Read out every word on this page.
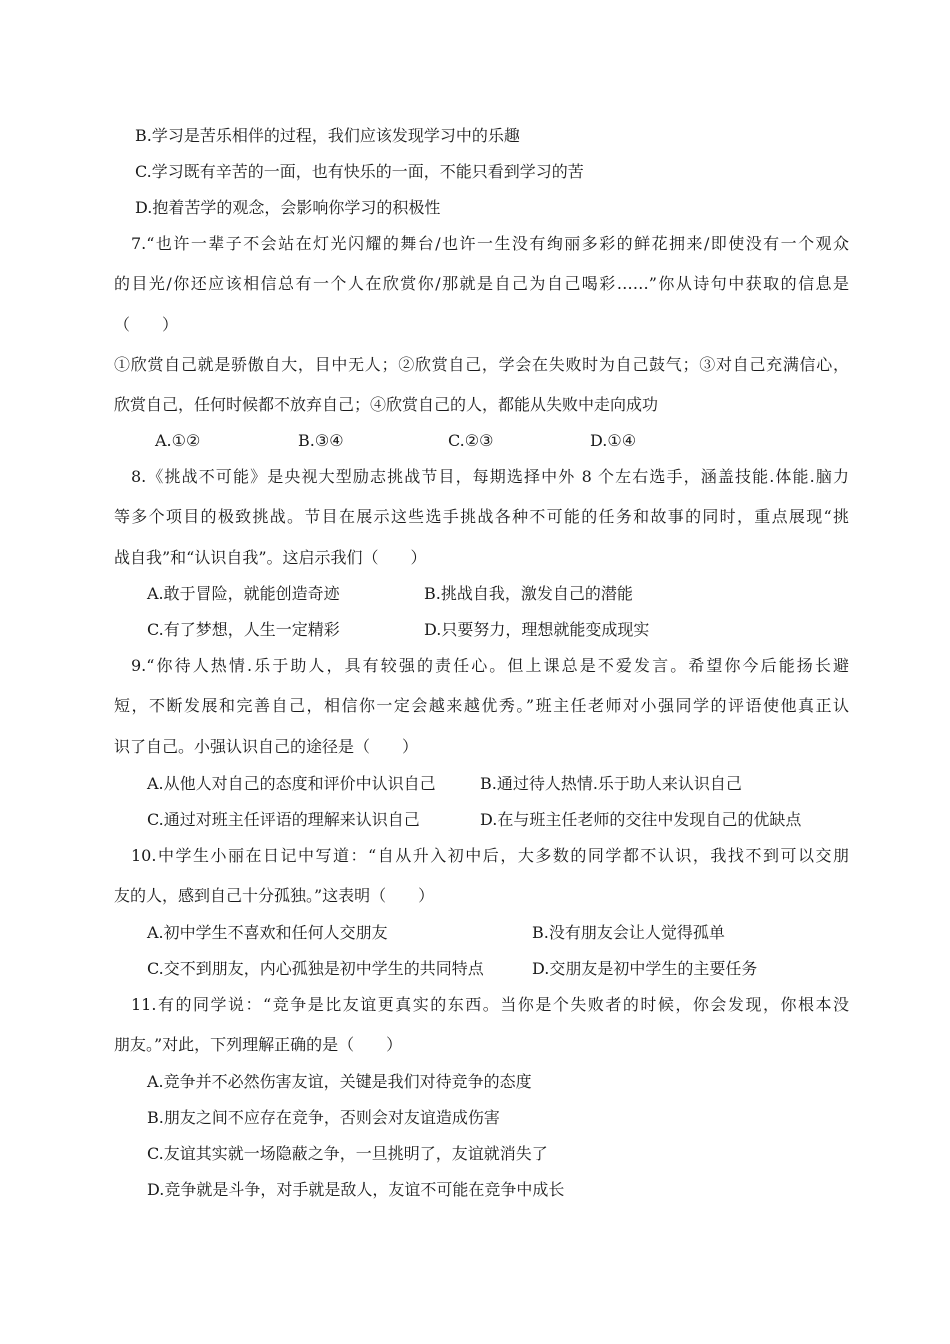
B.学习是苦乐相伴的过程，我们应该发现学习中的乐趣
C.学习既有辛苦的一面，也有快乐的一面，不能只看到学习的苦
D.抱着苦学的观念，会影响你学习的积极性
7.“也许一辈子不会站在灯光闪耀的舞台/也许一生没有绚丽多彩的鲜花拥来/即使没有一个观众
的目光/你还应该相信总有一个人在欣赏你/那就是自己为自己喝彩……”你从诗句中获取的信息是
（　　）
①欣赏自己就是骄傲自大，目中无人；②欣赏自己，学会在失败时为自己鼓气；③对自己充满信心，
欣赏自己，任何时候都不放弃自己；④欣赏自己的人，都能从失败中走向成功
A.①②	B.③④	C.②③	D.①④
8.《挑战不可能》是央视大型励志挑战节目，每期选择中外 8 个左右选手，涵盖技能.体能.脑力
等多个项目的极致挑战。节目在展示这些选手挑战各种不可能的任务和故事的同时，重点展现“挑
战自我”和“认识自我”。这启示我们（　　）
A.敢于冒险，就能创造奇迹	B.挑战自我，激发自己的潜能
C.有了梦想，人生一定精彩	D.只要努力，理想就能变成现实
9.“你待人热情.乐于助人，具有较强的责任心。但上课总是不爱发言。希望你今后能扬长避
短，不断发展和完善自己，相信你一定会越来越优秀。”班主任老师对小强同学的评语使他真正认
识了自己。小强认识自己的途径是（　　）
A.从他人对自己的态度和评价中认识自己	B.通过待人热情.乐于助人来认识自己
C.通过对班主任评语的理解来认识自己	D.在与班主任老师的交往中发现自己的优缺点
10.中学生小丽在日记中写道：“自从升入初中后，大多数的同学都不认识，我找不到可以交朋
友的人，感到自己十分孤独。”这表明（　　）
A.初中学生不喜欢和任何人交朋友	B.没有朋友会让人觉得孤单
C.交不到朋友，内心孤独是初中学生的共同特点	D.交朋友是初中学生的主要任务
11.有的同学说：“竞争是比友谊更真实的东西。当你是个失败者的时候，你会发现，你根本没
朋友。”对此，下列理解正确的是（　　）
A.竞争并不必然伤害友谊，关键是我们对待竞争的态度
B.朋友之间不应存在竞争，否则会对友谊造成伤害
C.友谊其实就一场隐蔽之争，一旦挑明了，友谊就消失了
D.竞争就是斗争，对手就是敌人，友谊不可能在竞争中成长
